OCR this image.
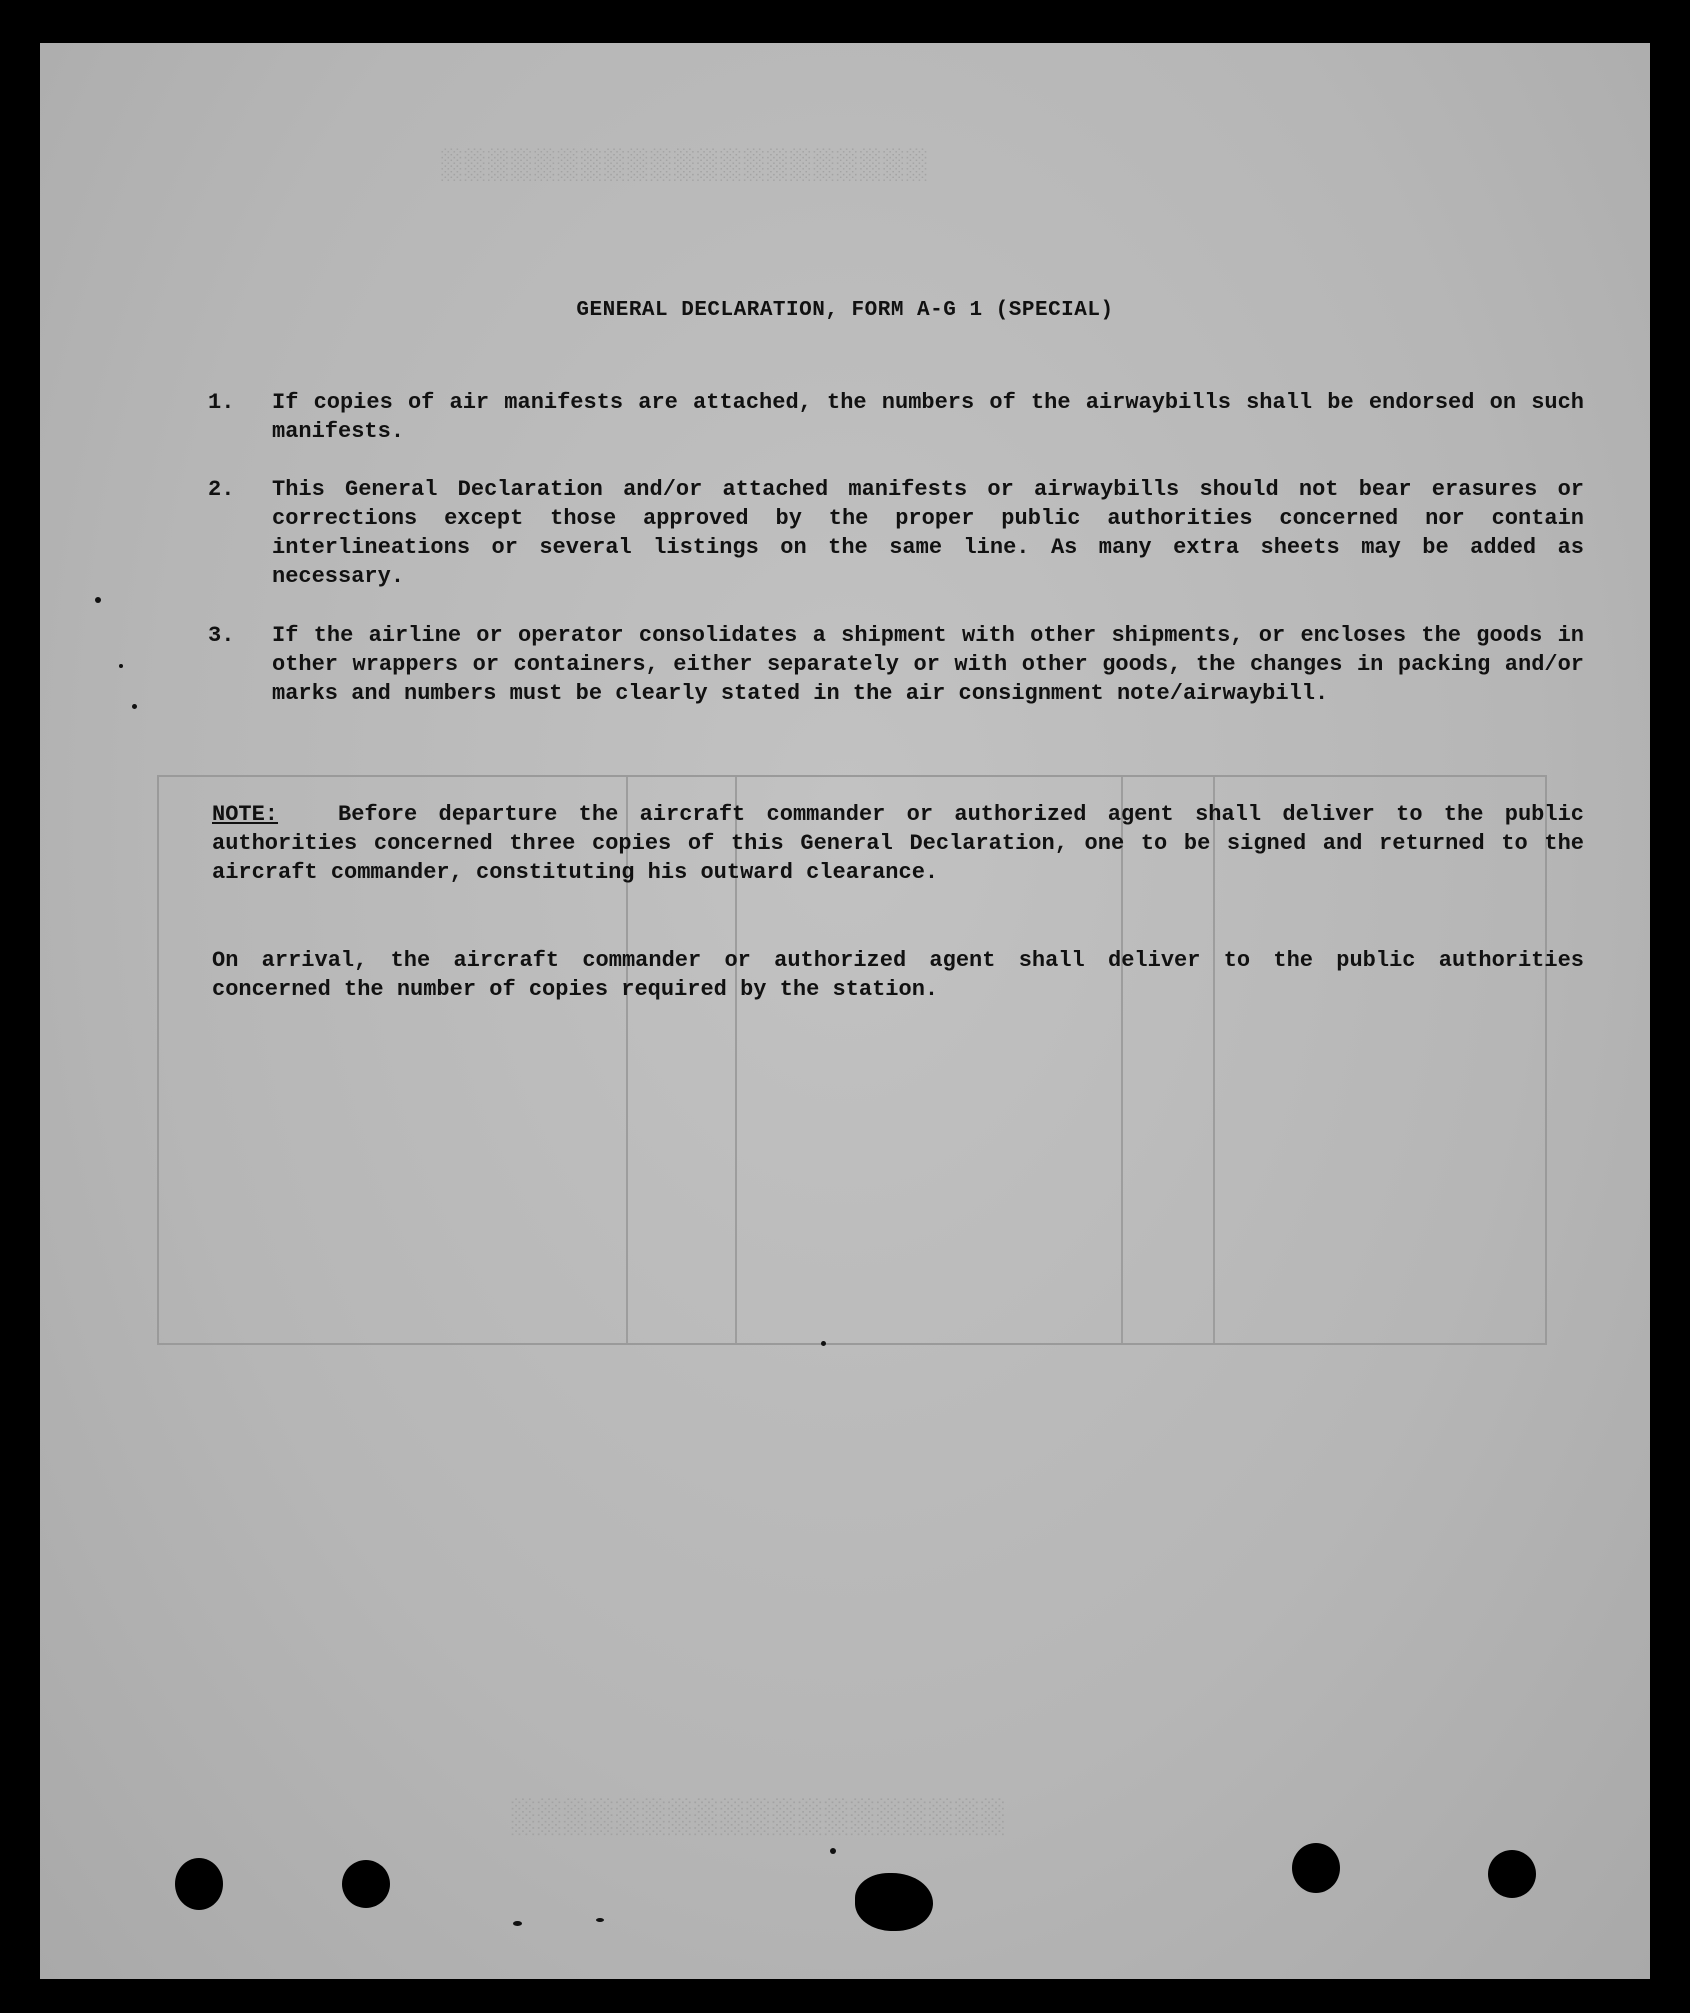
░░░░░░░░░░░░░░░░░░░░░
░░░░░░░░░░░░░░░░░░░
GENERAL DECLARATION, FORM A-G 1 (SPECIAL)
1.	If copies of air manifests are attached, the numbers of the airwaybills shall be endorsed on such manifests.
2.	This General Declaration and/or attached manifests or airwaybills should not bear erasures or corrections except those approved by the proper public authorities concerned nor contain interlineations or several listings on the same line. As many extra sheets may be added as necessary.
3.	If the airline or operator consolidates a shipment with other shipments, or encloses the goods in other wrappers or containers, either separately or with other goods, the changes in packing and/or marks and numbers must be clearly stated in the air consignment note/airwaybill.
NOTE:	Before departure the aircraft commander or authorized agent shall deliver to the public authorities concerned three copies of this General Declaration, one to be signed and returned to the aircraft commander, constituting his outward clearance.
On arrival, the aircraft commander or authorized agent shall deliver to the public authorities concerned the number of copies required by the station.
